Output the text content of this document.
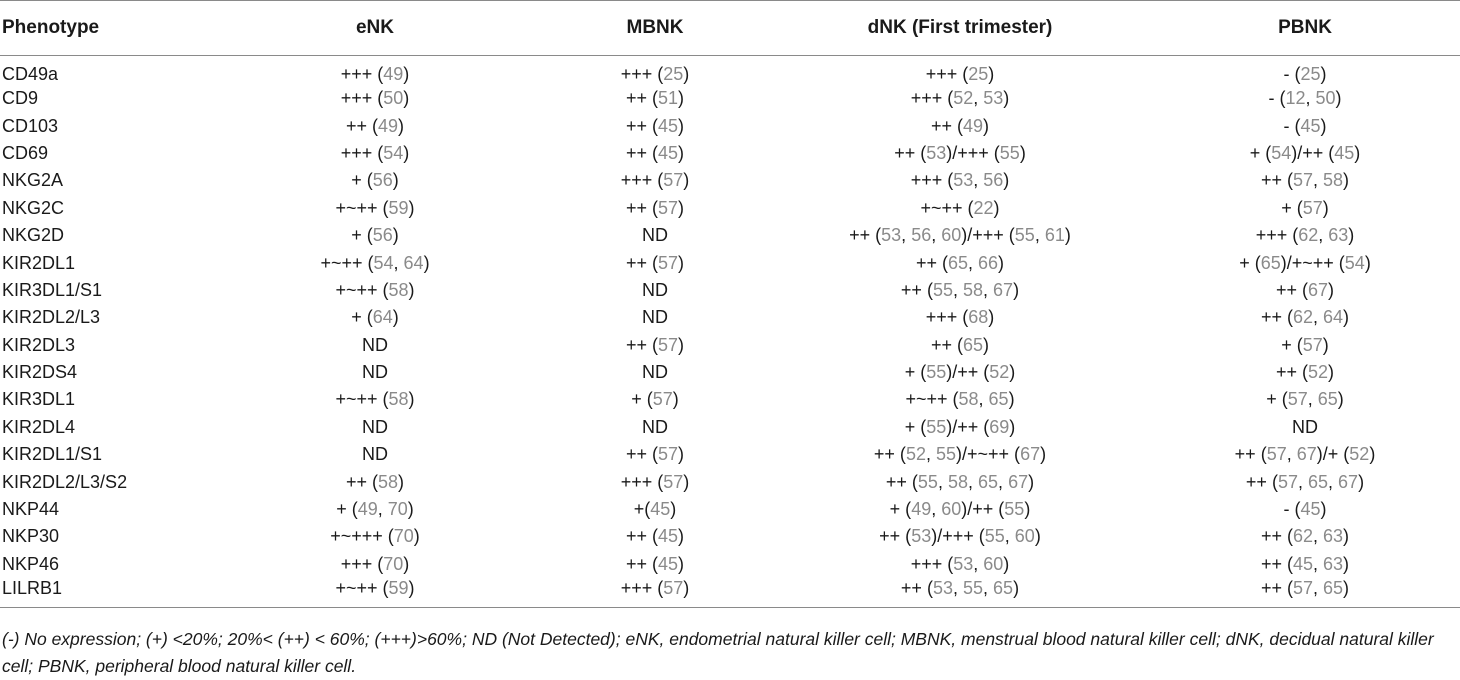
Phenotype	eNK	MBNK	dNK (First trimester)	PBNK
CD49a	+++ (49)	+++ (25)	+++ (25)	- (25)
CD9	+++ (50)	++ (51)	+++ (52, 53)	- (12, 50)
CD103	++ (49)	++ (45)	++ (49)	- (45)
CD69	+++ (54)	++ (45)	++ (53)/+++ (55)	+ (54)/++ (45)
NKG2A	+ (56)	+++ (57)	+++ (53, 56)	++ (57, 58)
NKG2C	+~++ (59)	++ (57)	+~++ (22)	+ (57)
NKG2D	+ (56)	ND	++ (53, 56, 60)/+++ (55, 61)	+++ (62, 63)
KIR2DL1	+~++ (54, 64)	++ (57)	++ (65, 66)	+ (65)/+~++ (54)
KIR3DL1/S1	+~++ (58)	ND	++ (55, 58, 67)	++ (67)
KIR2DL2/L3	+ (64)	ND	+++ (68)	++ (62, 64)
KIR2DL3	ND	++ (57)	++ (65)	+ (57)
KIR2DS4	ND	ND	+ (55)/++ (52)	++ (52)
KIR3DL1	+~++ (58)	+ (57)	+~++ (58, 65)	+ (57, 65)
KIR2DL4	ND	ND	+ (55)/++ (69)	ND
KIR2DL1/S1	ND	++ (57)	++ (52, 55)/+~++ (67)	++ (57, 67)/+ (52)
KIR2DL2/L3/S2	++ (58)	+++ (57)	++ (55, 58, 65, 67)	++ (57, 65, 67)
NKP44	+ (49, 70)	+(45)	+ (49, 60)/++ (55)	- (45)
NKP30	+~+++ (70)	++ (45)	++ (53)/+++ (55, 60)	++ (62, 63)
NKP46	+++ (70)	++ (45)	+++ (53, 60)	++ (45, 63)
LILRB1	+~++ (59)	+++ (57)	++ (53, 55, 65)	++ (57, 65)
(-) No expression; (+) <20%; 20%< (++) < 60%; (+++)>60%; ND (Not Detected); eNK, endometrial natural killer cell; MBNK, menstrual blood natural killer cell; dNK, decidual natural killer cell; PBNK, peripheral blood natural killer cell.
